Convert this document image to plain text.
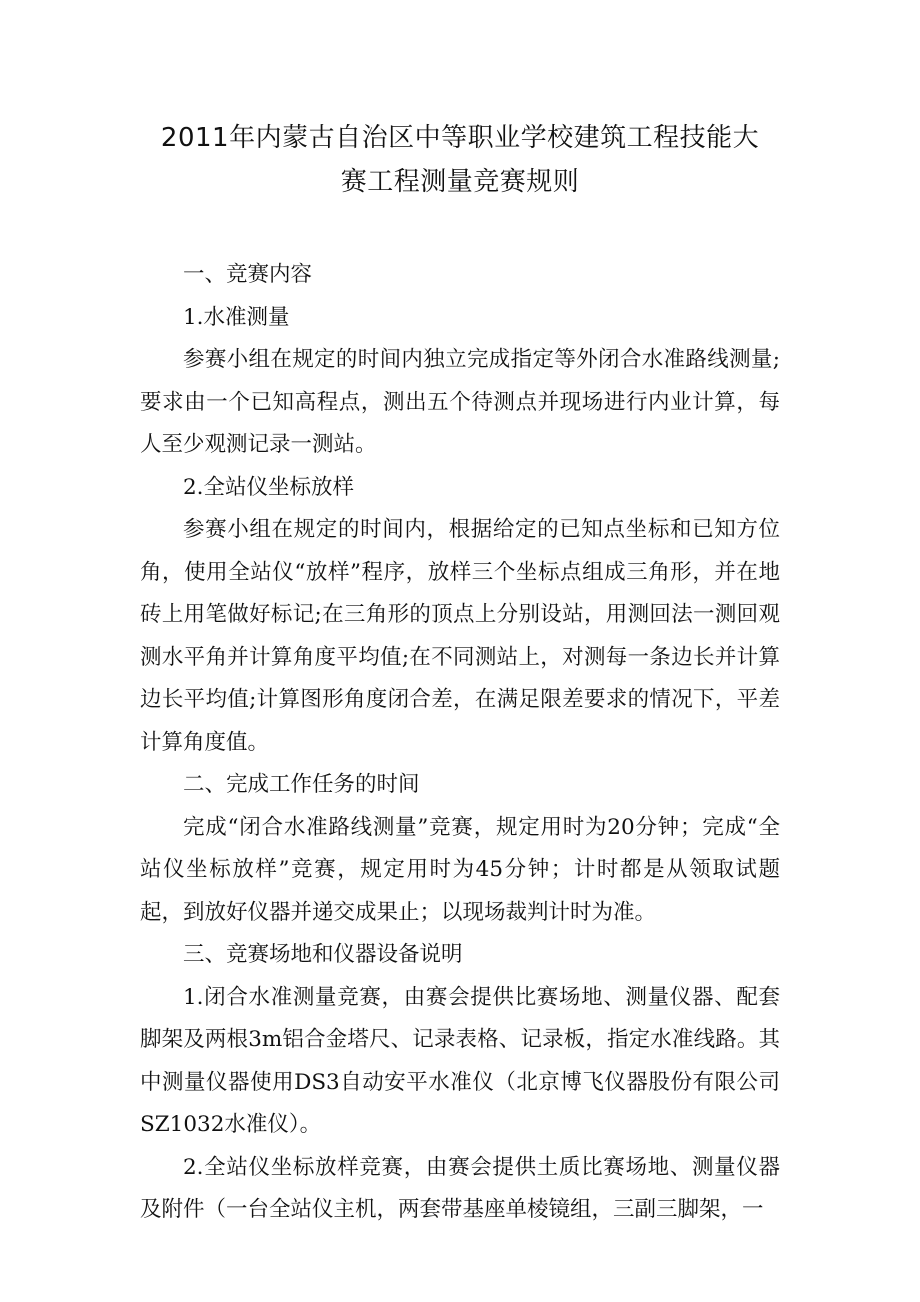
2011年内蒙古自治区中等职业学校建筑工程技能大
赛工程测量竞赛规则

一、竞赛内容

1.水准测量

参赛小组在规定的时间内独立完成指定等外闭合水准路线测量;要求由一个已知高程点，测出五个待测点并现场进行内业计算，每人至少观测记录一测站。

2.全站仪坐标放样

参赛小组在规定的时间内，根据给定的已知点坐标和已知方位角，使用全站仪“放样”程序，放样三个坐标点组成三角形，并在地砖上用笔做好标记;在三角形的顶点上分别设站，用测回法一测回观测水平角并计算角度平均值;在不同测站上，对测每一条边长并计算边长平均值;计算图形角度闭合差，在满足限差要求的情况下，平差计算角度值。

二、完成工作任务的时间

完成“闭合水准路线测量”竞赛，规定用时为20分钟；完成“全站仪坐标放样”竞赛，规定用时为45分钟；计时都是从领取试题起，到放好仪器并递交成果止；以现场裁判计时为准。

三、竞赛场地和仪器设备说明

1.闭合水准测量竞赛，由赛会提供比赛场地、测量仪器、配套脚架及两根3m铝合金塔尺、记录表格、记录板，指定水准线路。其中测量仪器使用DS3自动安平水准仪（北京博飞仪器股份有限公司 SZ1032水准仪）。

2.全站仪坐标放样竞赛，由赛会提供土质比赛场地、测量仪器及附件（一台全站仪主机，两套带基座单棱镜组，三副三脚架，一
